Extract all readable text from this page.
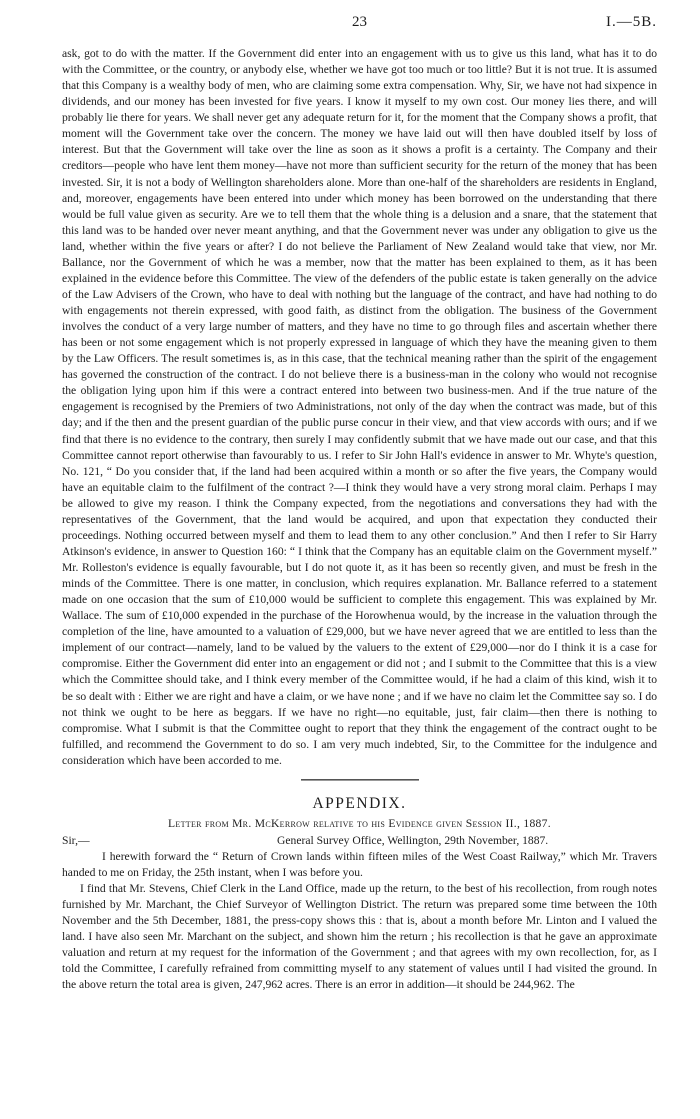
23	I.—5B.

ask, got to do with the matter. If the Government did enter into an engagement with us to give us this land, what has it to do with the Committee, or the country, or anybody else, whether we have got too much or too little? But it is not true. It is assumed that this Company is a wealthy body of men, who are claiming some extra compensation. Why, Sir, we have not had sixpence in dividends, and our money has been invested for five years. I know it myself to my own cost. Our money lies there, and will probably lie there for years. We shall never get any adequate return for it, for the moment that the Company shows a profit, that moment will the Government take over the concern. The money we have laid out will then have doubled itself by loss of interest. But that the Government will take over the line as soon as it shows a profit is a certainty. The Company and their creditors—people who have lent them money—have not more than sufficient security for the return of the money that has been invested. Sir, it is not a body of Wellington shareholders alone. More than one-half of the shareholders are residents in England, and, moreover, engagements have been entered into under which money has been borrowed on the understanding that there would be full value given as security. Are we to tell them that the whole thing is a delusion and a snare, that the statement that this land was to be handed over never meant anything, and that the Government never was under any obligation to give us the land, whether within the five years or after? I do not believe the Parliament of New Zealand would take that view, nor Mr. Ballance, nor the Government of which he was a member, now that the matter has been explained to them, as it has been explained in the evidence before this Committee. The view of the defenders of the public estate is taken generally on the advice of the Law Advisers of the Crown, who have to deal with nothing but the language of the contract, and have had nothing to do with engagements not therein expressed, with good faith, as distinct from the obligation. The business of the Government involves the conduct of a very large number of matters, and they have no time to go through files and ascertain whether there has been or not some engagement which is not properly expressed in language of which they have the meaning given to them by the Law Officers. The result sometimes is, as in this case, that the technical meaning rather than the spirit of the engagement has governed the construction of the contract. I do not believe there is a business-man in the colony who would not recognise the obligation lying upon him if this were a contract entered into between two business-men. And if the true nature of the engagement is recognised by the Premiers of two Administrations, not only of the day when the contract was made, but of this day; and if the then and the present guardian of the public purse concur in their view, and that view accords with ours; and if we find that there is no evidence to the contrary, then surely I may confidently submit that we have made out our case, and that this Committee cannot report otherwise than favourably to us. I refer to Sir John Hall's evidence in answer to Mr. Whyte's question, No. 121, “ Do you consider that, if the land had been acquired within a month or so after the five years, the Company would have an equitable claim to the fulfilment of the contract ?—I think they would have a very strong moral claim. Perhaps I may be allowed to give my reason. I think the Company expected, from the negotiations and conversations they had with the representatives of the Government, that the land would be acquired, and upon that expectation they conducted their proceedings. Nothing occurred between myself and them to lead them to any other conclusion.” And then I refer to Sir Harry Atkinson's evidence, in answer to Question 160: “ I think that the Company has an equitable claim on the Government myself.” Mr. Rolleston's evidence is equally favourable, but I do not quote it, as it has been so recently given, and must be fresh in the minds of the Committee. There is one matter, in conclusion, which requires explanation. Mr. Ballance referred to a statement made on one occasion that the sum of £10,000 would be sufficient to complete this engagement. This was explained by Mr. Wallace. The sum of £10,000 expended in the purchase of the Horowhenua would, by the increase in the valuation through the completion of the line, have amounted to a valuation of £29,000, but we have never agreed that we are entitled to less than the implement of our contract—namely, land to be valued by the valuers to the extent of £29,000—nor do I think it is a case for compromise. Either the Government did enter into an engagement or did not ; and I submit to the Committee that this is a view which the Committee should take, and I think every member of the Committee would, if he had a claim of this kind, wish it to be so dealt with : Either we are right and have a claim, or we have none ; and if we have no claim let the Committee say so. I do not think we ought to be here as beggars. If we have no right—no equitable, just, fair claim—then there is nothing to compromise. What I submit is that the Committee ought to report that they think the engagement of the contract ought to be fulfilled, and recommend the Government to do so. I am very much indebted, Sir, to the Committee for the indulgence and consideration which have been accorded to me.

APPENDIX.
Letter from Mr. McKerrow relative to his Evidence given Session II., 1887.
Sir,—	General Survey Office, Wellington, 29th November, 1887.

I herewith forward the “ Return of Crown lands within fifteen miles of the West Coast Railway,” which Mr. Travers handed to me on Friday, the 25th instant, when I was before you.

I find that Mr. Stevens, Chief Clerk in the Land Office, made up the return, to the best of his recollection, from rough notes furnished by Mr. Marchant, the Chief Surveyor of Wellington District. The return was prepared some time between the 10th November and the 5th December, 1881, the press-copy shows this : that is, about a month before Mr. Linton and I valued the land. I have also seen Mr. Marchant on the subject, and shown him the return ; his recollection is that he gave an approximate valuation and return at my request for the information of the Government ; and that agrees with my own recollection, for, as I told the Committee, I carefully refrained from committing myself to any statement of values until I had visited the ground. In the above return the total area is given, 247,962 acres. There is an error in addition—it should be 244,962. The
